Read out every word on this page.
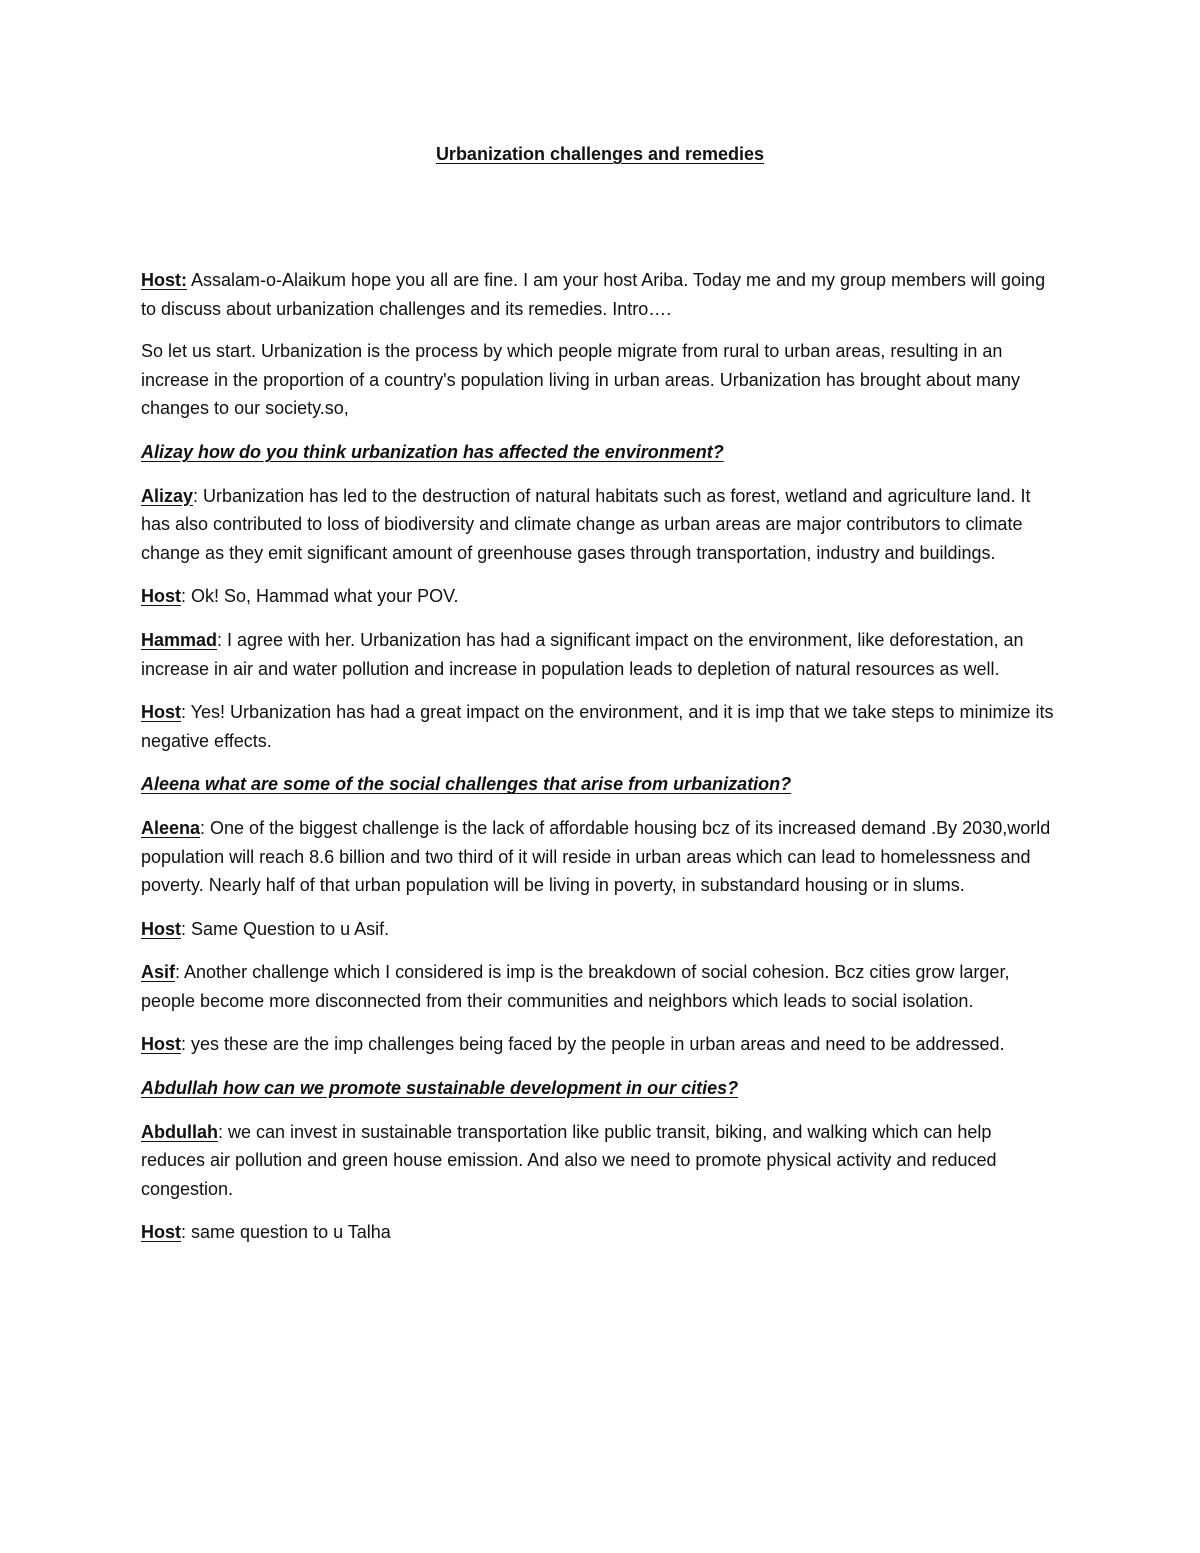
Urbanization challenges and remedies

Host: Assalam-o-Alaikum hope you all are fine. I am your host Ariba. Today me and my group members will going to discuss about urbanization challenges and its remedies. Intro….

So let us start. Urbanization is the process by which people migrate from rural to urban areas, resulting in an increase in the proportion of a country's population living in urban areas. Urbanization has brought about many changes to our society.so,

Alizay how do you think urbanization has affected the environment?

Alizay: Urbanization has led to the destruction of natural habitats such as forest, wetland and agriculture land. It has also contributed to loss of biodiversity and climate change as urban areas are major contributors to climate change as they emit significant amount of greenhouse gases through transportation, industry and buildings.

Host: Ok! So, Hammad what your POV.

Hammad: I agree with her. Urbanization has had a significant impact on the environment, like deforestation, an increase in air and water pollution and increase in population leads to depletion of natural resources as well.

Host: Yes! Urbanization has had a great impact on the environment, and it is imp that we take steps to minimize its negative effects.

Aleena what are some of the social challenges that arise from urbanization?

Aleena: One of the biggest challenge is the lack of affordable housing bcz of its increased demand .By 2030,world population will reach 8.6 billion and two third of it will reside in urban areas which can lead to homelessness and poverty. Nearly half of that urban population will be living in poverty, in substandard housing or in slums.

Host: Same Question to u Asif.

Asif: Another challenge which I considered is imp is the breakdown of social cohesion. Bcz cities grow larger, people become more disconnected from their communities and neighbors which leads to social isolation.

Host: yes these are the imp challenges being faced by the people in urban areas and need to be addressed.

Abdullah how can we promote sustainable development in our cities?

Abdullah: we can invest in sustainable transportation like public transit, biking, and walking which can help reduces air pollution and green house emission. And also we need to promote physical activity and reduced congestion.

Host: same question to u Talha
